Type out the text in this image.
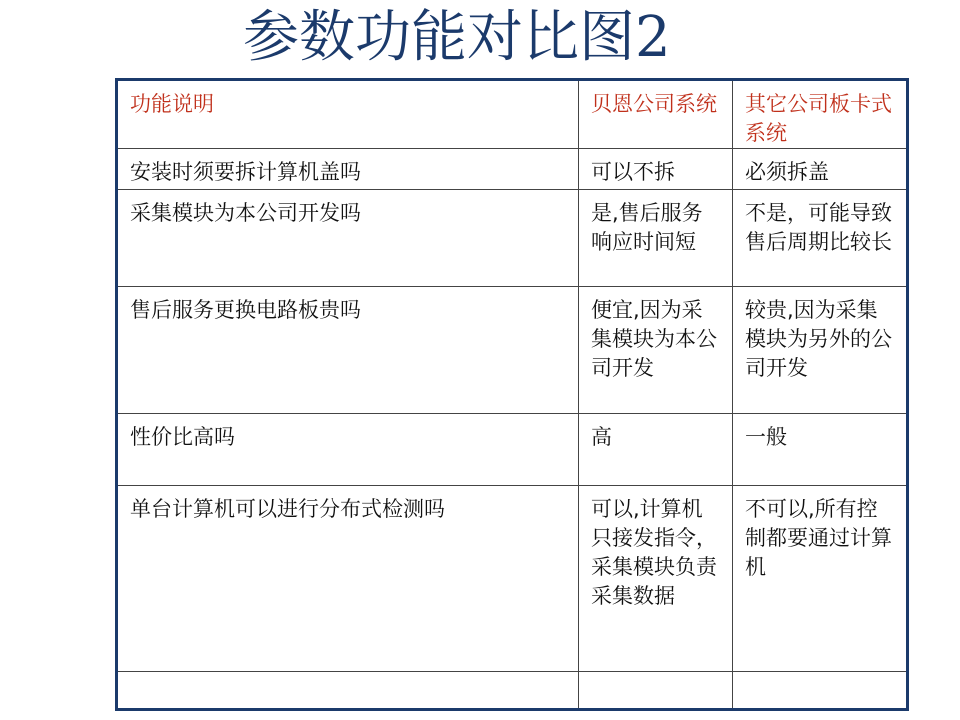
参数功能对比图2
功能说明	贝恩公司系统	其它公司板卡式系统
安装时须要拆计算机盖吗	可以不拆	必须拆盖
采集模块为本公司开发吗	是,售后服务响应时间短	不是，可能导致售后周期比较长
售后服务更换电路板贵吗	便宜,因为采集模块为本公司开发	较贵,因为采集模块为另外的公司开发
性价比高吗	高	一般
单台计算机可以进行分布式检测吗	可以,计算机只接发指令，采集模块负责采集数据	不可以,所有控制都要通过计算机
